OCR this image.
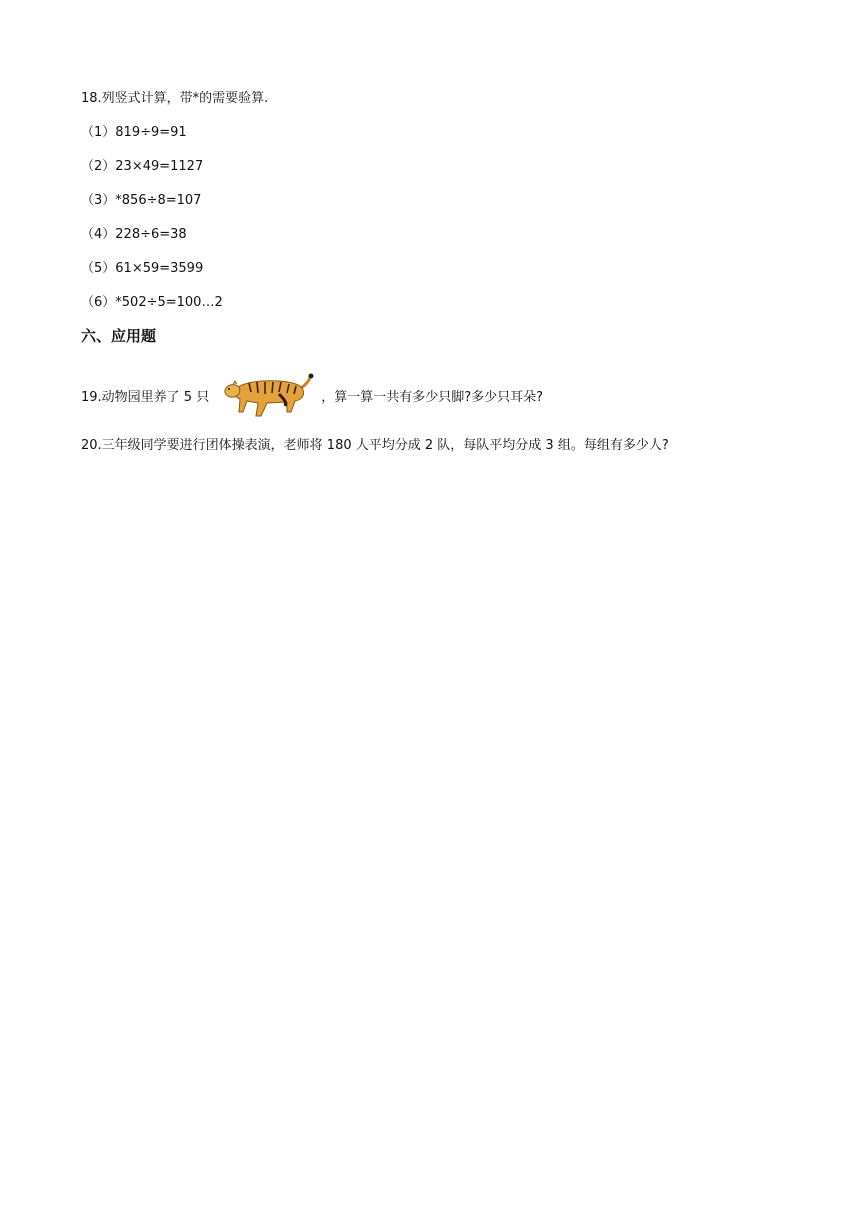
18.列竖式计算，带*的需要验算.
（1）819÷9=91
（2）23×49=1127
（3）*856÷8=107
（4）228÷6=38
（5）61×59=3599
（6）*502÷5=100…2
六、应用题
19.动物园里养了 5 只	，算一算一共有多少只脚?多少只耳朵?
20.三年级同学要进行团体操表演，老师将 180 人平均分成 2 队，每队平均分成 3 组。每组有多少人?
